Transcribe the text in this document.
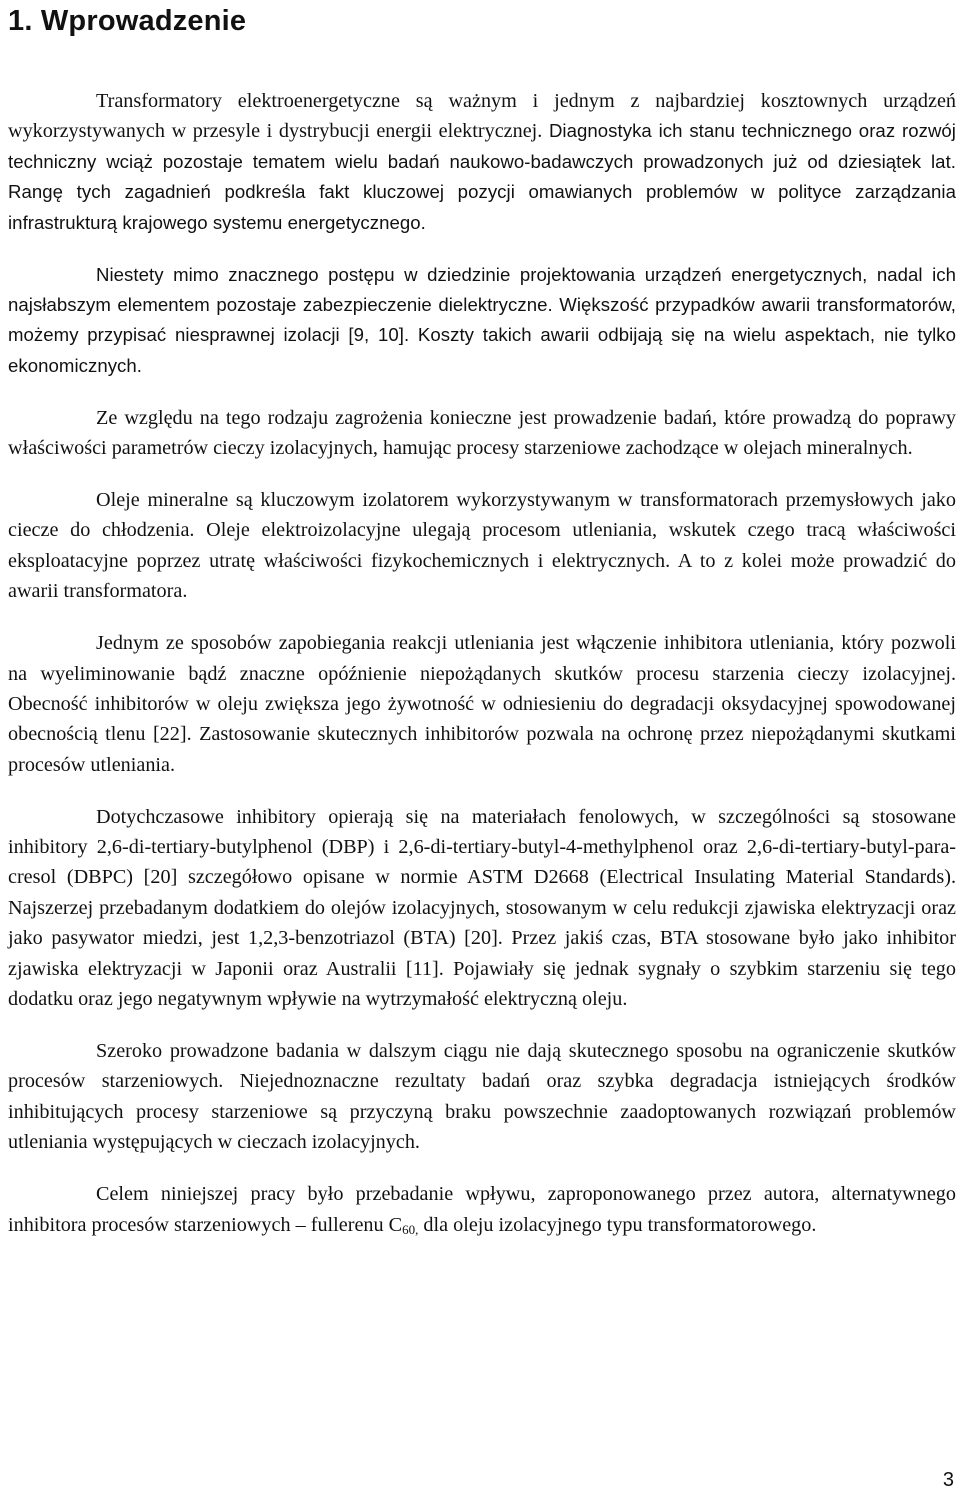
1. Wprowadzenie

Transformatory elektroenergetyczne są ważnym i jednym z najbardziej kosztownych urządzeń wykorzystywanych w przesyle i dystrybucji energii elektrycznej. Diagnostyka ich stanu technicznego oraz rozwój techniczny wciąż pozostaje tematem wielu badań naukowo-badawczych prowadzonych już od dziesiątek lat. Rangę tych zagadnień podkreśla fakt kluczowej pozycji omawianych problemów w polityce zarządzania infrastrukturą krajowego systemu energetycznego.

Niestety mimo znacznego postępu w dziedzinie projektowania urządzeń energetycznych, nadal ich najsłabszym elementem pozostaje zabezpieczenie dielektryczne. Większość przypadków awarii transformatorów, możemy przypisać niesprawnej izolacji [9, 10]. Koszty takich awarii odbijają się na wielu aspektach, nie tylko ekonomicznych.

Ze względu na tego rodzaju zagrożenia konieczne jest prowadzenie badań, które prowadzą do poprawy właściwości parametrów cieczy izolacyjnych, hamując procesy starzeniowe zachodzące w olejach mineralnych.

Oleje mineralne są kluczowym izolatorem wykorzystywanym w transformatorach przemysłowych jako ciecze do chłodzenia. Oleje elektroizolacyjne ulegają procesom utleniania, wskutek czego tracą właściwości eksploatacyjne poprzez utratę właściwości fizykochemicznych i elektrycznych. A to z kolei może prowadzić do awarii transformatora.

Jednym ze sposobów zapobiegania reakcji utleniania jest włączenie inhibitora utleniania, który pozwoli na wyeliminowanie bądź znaczne opóźnienie niepożądanych skutków procesu starzenia cieczy izolacyjnej. Obecność inhibitorów w oleju zwiększa jego żywotność w odniesieniu do degradacji oksydacyjnej spowodowanej obecnością tlenu [22]. Zastosowanie skutecznych inhibitorów pozwala na ochronę przez niepożądanymi skutkami procesów utleniania.

Dotychczasowe inhibitory opierają się na materiałach fenolowych, w szczególności są stosowane inhibitory 2,6-di-tertiary-butylphenol (DBP) i 2,6-di-tertiary-butyl-4-methylphenol oraz 2,6-di-tertiary-butyl-para-cresol (DBPC) [20] szczegółowo opisane w normie ASTM D2668 (Electrical Insulating Material Standards). Najszerzej przebadanym dodatkiem do olejów izolacyjnych, stosowanym w celu redukcji zjawiska elektryzacji oraz jako pasywator miedzi, jest 1,2,3-benzotriazol (BTA) [20]. Przez jakiś czas, BTA stosowane było jako inhibitor zjawiska elektryzacji w Japonii oraz Australii [11]. Pojawiały się jednak sygnały o szybkim starzeniu się tego dodatku oraz jego negatywnym wpływie na wytrzymałość elektryczną oleju.

Szeroko prowadzone badania w dalszym ciągu nie dają skutecznego sposobu na ograniczenie skutków procesów starzeniowych. Niejednoznaczne rezultaty badań oraz szybka degradacja istniejących środków inhibitujących procesy starzeniowe są przyczyną braku powszechnie zaadoptowanych rozwiązań problemów utleniania występujących w cieczach izolacyjnych.

Celem niniejszej pracy było przebadanie wpływu, zaproponowanego przez autora, alternatywnego inhibitora procesów starzeniowych – fullerenu $C_{60,}$ dla oleju izolacyjnego typu transformatorowego.

3
